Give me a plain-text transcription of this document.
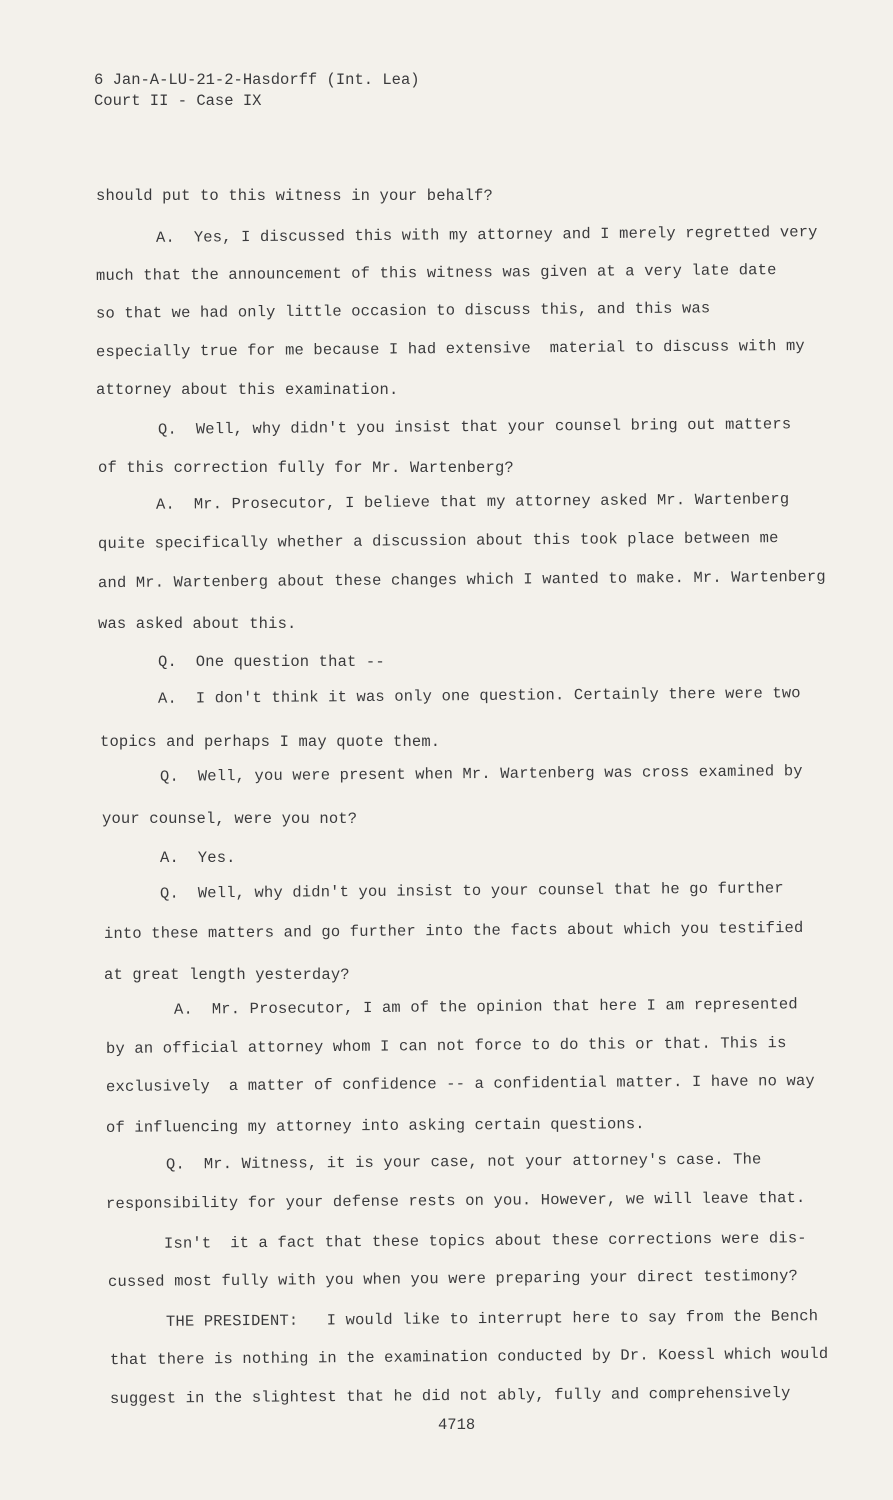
6 Jan-A-LU-21-2-Hasdorff (Int. Lea)
Court II - Case IX
should put to this witness in your behalf?
A.  Yes, I discussed this with my attorney and I merely regretted very
much that the announcement of this witness was given at a very late date
so that we had only little occasion to discuss this, and this was
especially true for me because I had extensive  material to discuss with my
attorney about this examination.
Q.  Well, why didn't you insist that your counsel bring out matters
of this correction fully for Mr. Wartenberg?
A.  Mr. Prosecutor, I believe that my attorney asked Mr. Wartenberg
quite specifically whether a discussion about this took place between me
and Mr. Wartenberg about these changes which I wanted to make. Mr. Wartenberg
was asked about this.
Q.  One question that --
A.  I don't think it was only one question. Certainly there were two
topics and perhaps I may quote them.
Q.  Well, you were present when Mr. Wartenberg was cross examined by
your counsel, were you not?
A.  Yes.
Q.  Well, why didn't you insist to your counsel that he go further
into these matters and go further into the facts about which you testified
at great length yesterday?
A.  Mr. Prosecutor, I am of the opinion that here I am represented
by an official attorney whom I can not force to do this or that. This is
exclusively  a matter of confidence -- a confidential matter. I have no way
of influencing my attorney into asking certain questions.
Q.  Mr. Witness, it is your case, not your attorney's case. The
responsibility for your defense rests on you. However, we will leave that.
Isn't  it a fact that these topics about these corrections were dis-
cussed most fully with you when you were preparing your direct testimony?
THE PRESIDENT:   I would like to interrupt here to say from the Bench
that there is nothing in the examination conducted by Dr. Koessl which would
suggest in the slightest that he did not ably, fully and comprehensively
4718
